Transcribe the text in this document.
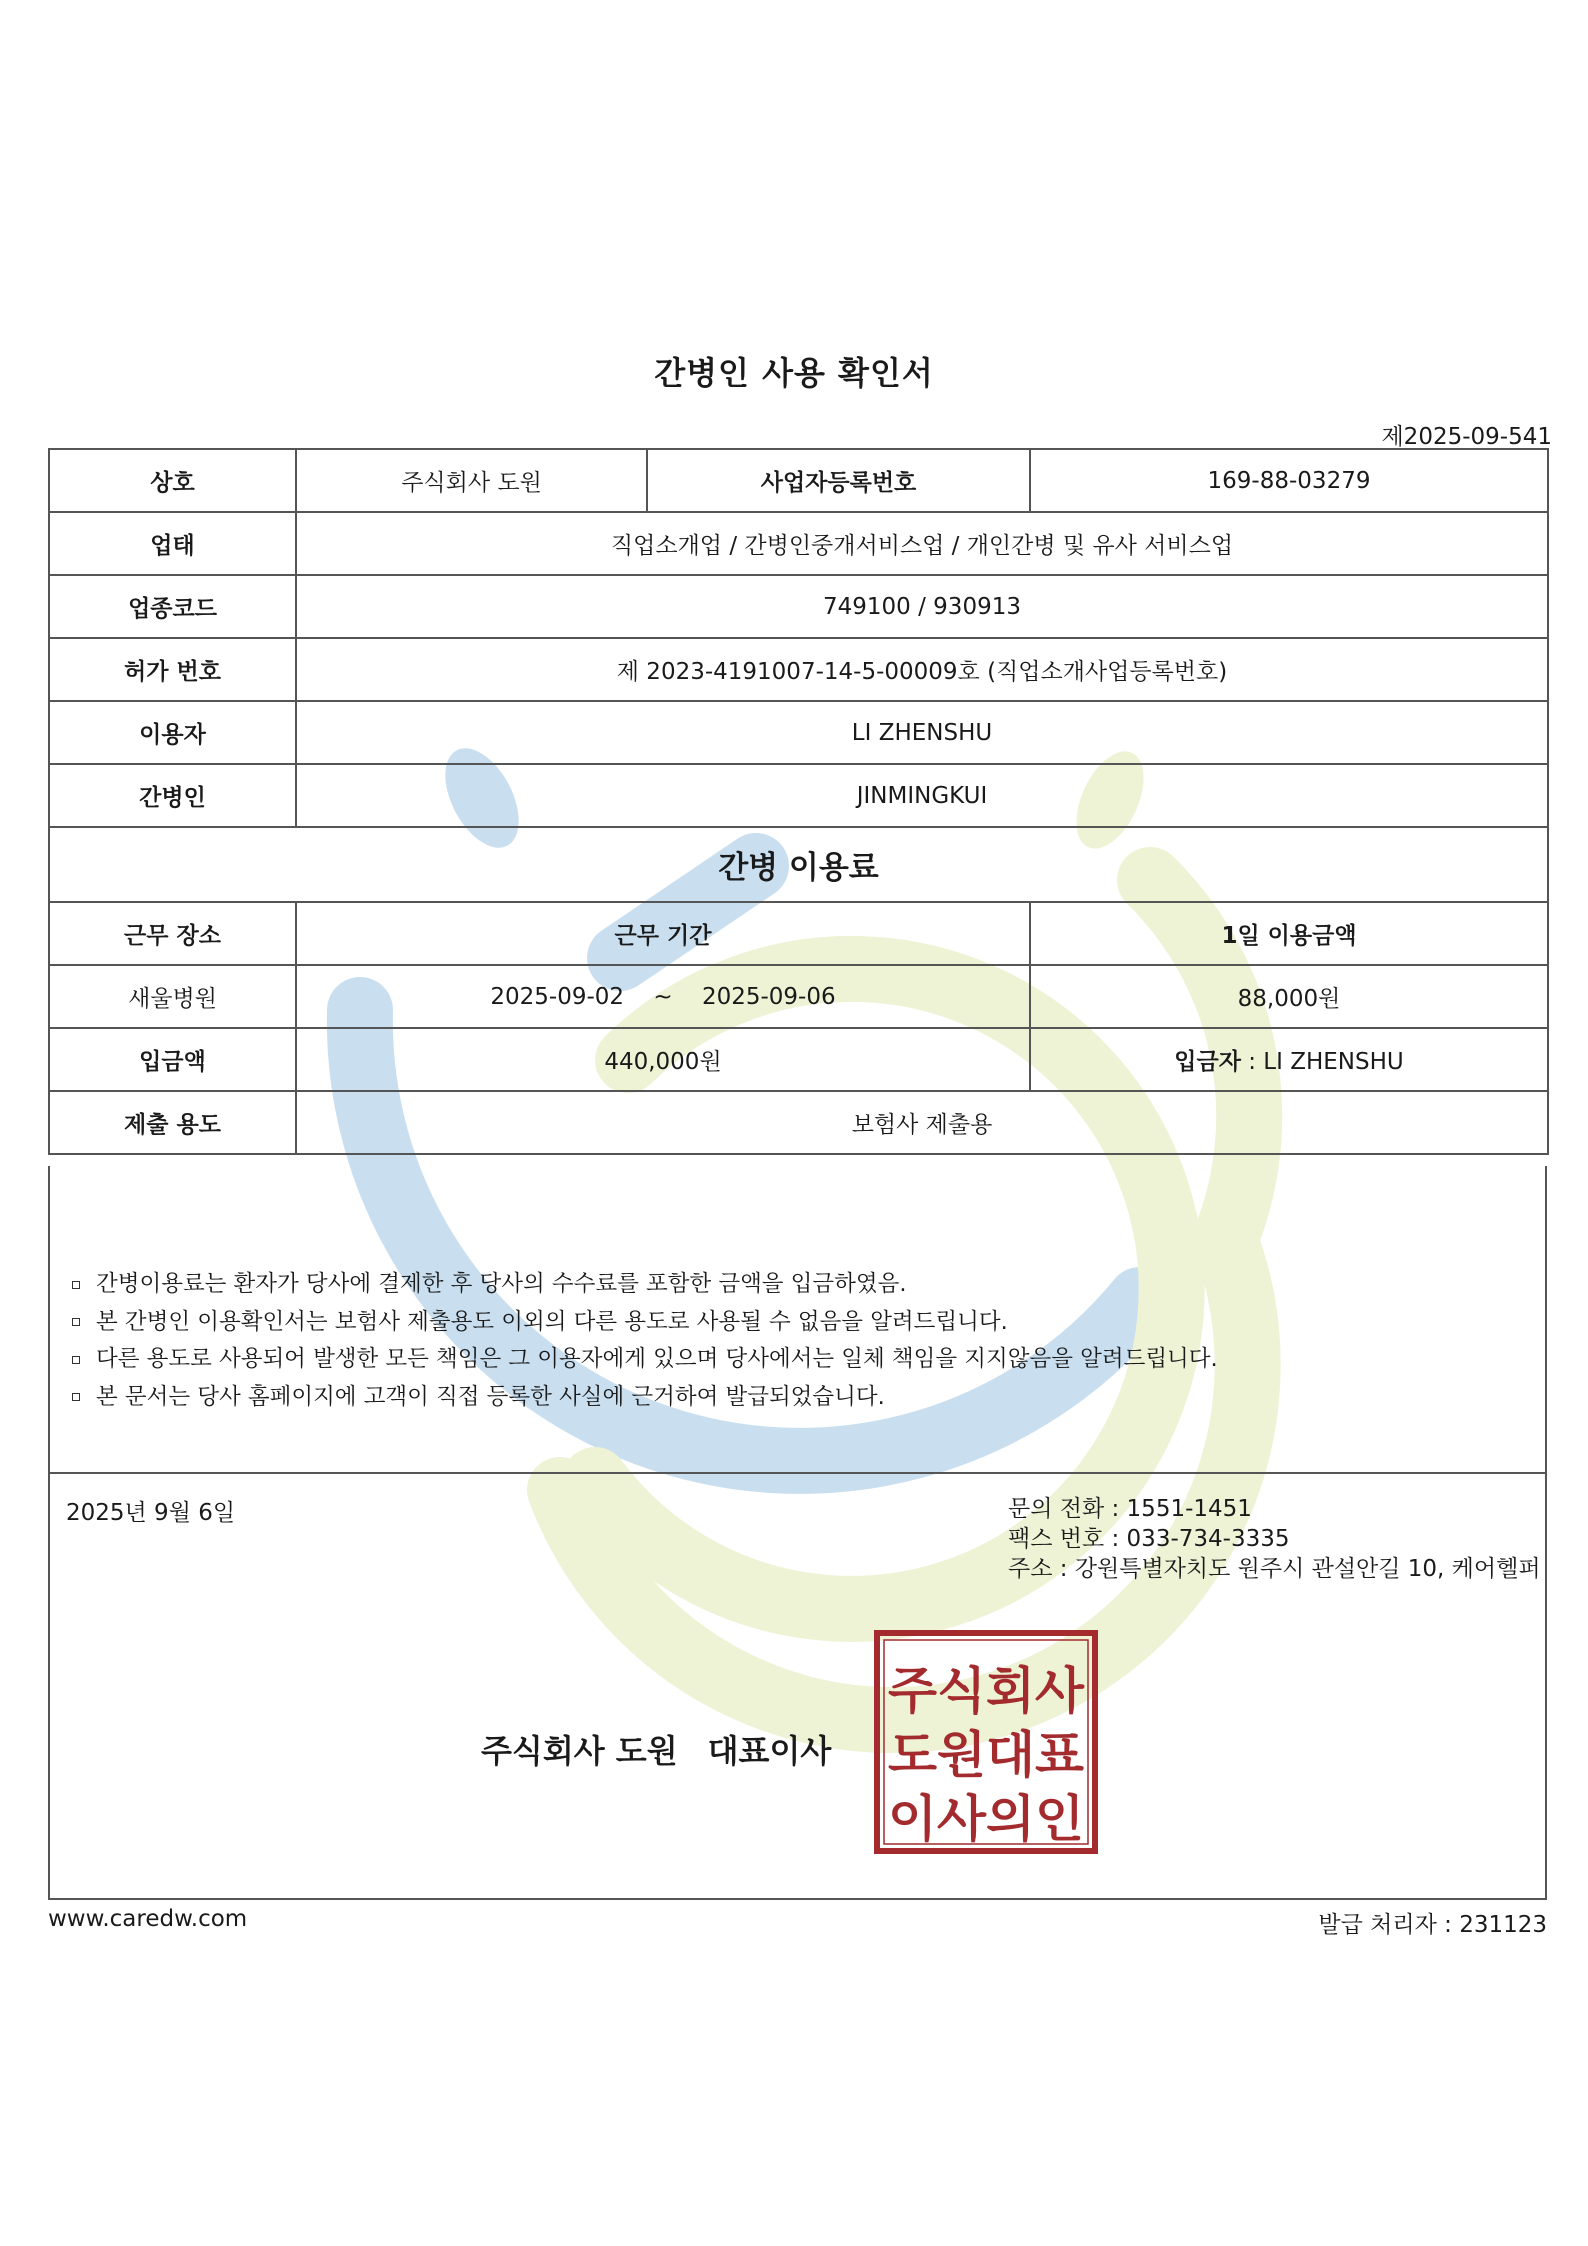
간병인 사용 확인서
제2025-09-541
상호	주식회사 도원	사업자등록번호	169-88-03279
업태	직업소개업 / 간병인중개서비스업 / 개인간병 및 유사 서비스업		
업종코드	749100 / 930913		
허가 번호	제 2023-4191007-14-5-00009호 (직업소개사업등록번호)		
이용자	LI ZHENSHU		
간병인	JINMINGKUI		
간병 이용료			
근무 장소	근무 기간		1일 이용금액
새울병원	2025-09-02 ~ 2025-09-06		88,000원
입금액	440,000원		입금자 : LI ZHENSHU
제출 용도	보험사 제출용		
간병이용료는 환자가 당사에 결제한 후 당사의 수수료를 포함한 금액을 입금하였음.
본 간병인 이용확인서는 보험사 제출용도 이외의 다른 용도로 사용될 수 없음을 알려드립니다.
다른 용도로 사용되어 발생한 모든 책임은 그 이용자에게 있으며 당사에서는 일체 책임을 지지않음을 알려드립니다.
본 문서는 당사 홈페이지에 고객이 직접 등록한 사실에 근거하여 발급되었습니다.
2025년 9월 6일	문의 전화 : 1551-1451
팩스 번호 : 033-734-3335
주소 : 강원특별자치도 원주시 관설안길 10, 케어헬퍼
주식회사 도원 대표이사
주식회사
도원대표
이사의인
www.caredw.com	발급 처리자 : 231123
